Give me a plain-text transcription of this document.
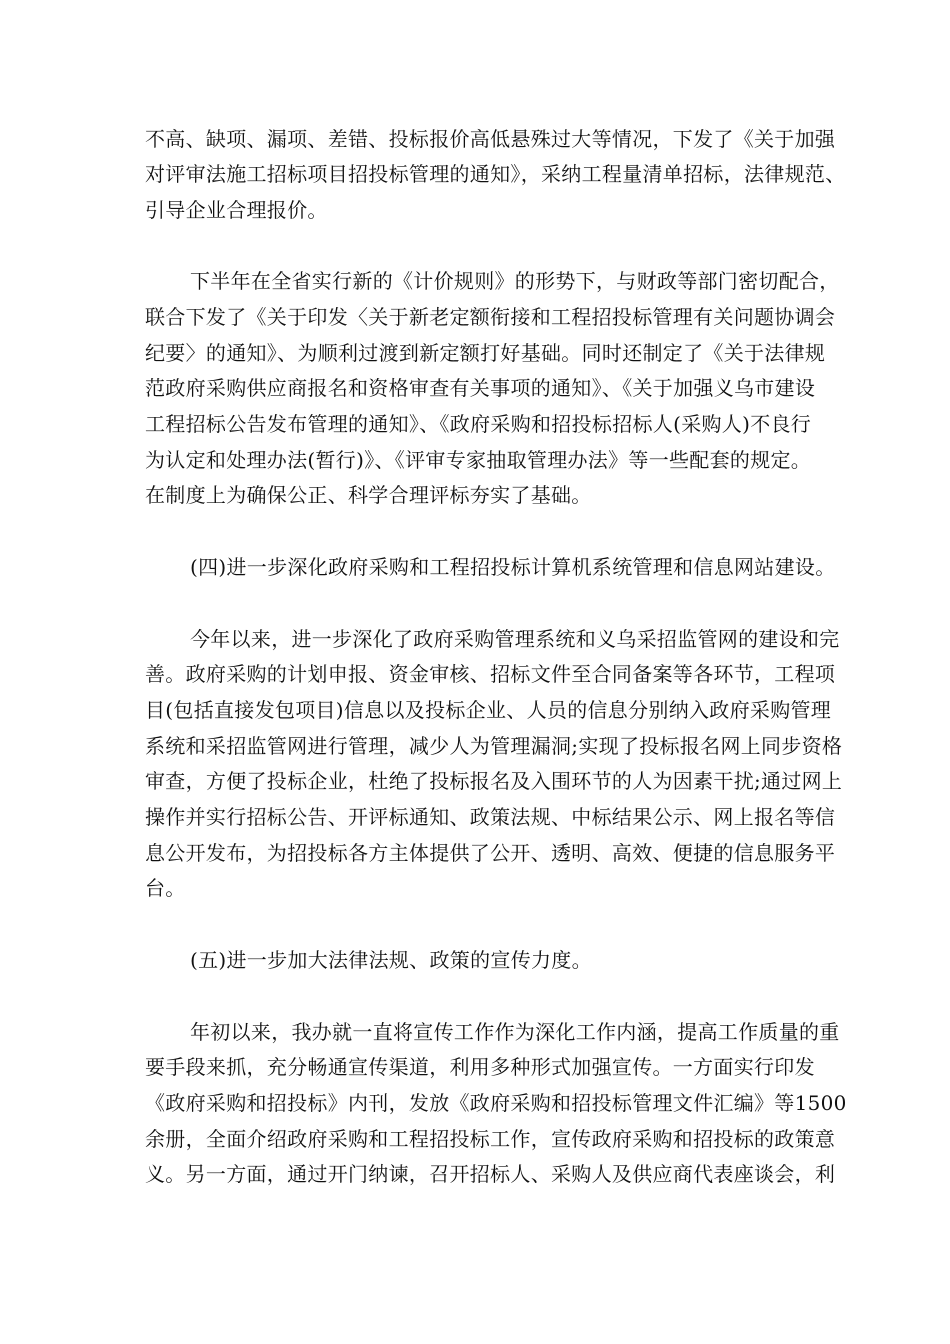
不高、缺项、漏项、差错、投标报价高低悬殊过大等情况，下发了《关于加强
对评审法施工招标项目招投标管理的通知》，采纳工程量清单招标，法律规范、
引导企业合理报价。
下半年在全省实行新的《计价规则》的形势下，与财政等部门密切配合，
联合下发了《关于印发〈关于新老定额衔接和工程招投标管理有关问题协调会
纪要〉的通知》、为顺利过渡到新定额打好基础。同时还制定了《关于法律规
范政府采购供应商报名和资格审查有关事项的通知》、《关于加强义乌市建设
工程招标公告发布管理的通知》、《政府采购和招投标招标人(采购人)不良行
为认定和处理办法(暂行)》、《评审专家抽取管理办法》等一些配套的规定。
在制度上为确保公正、科学合理评标夯实了基础。
(四)进一步深化政府采购和工程招投标计算机系统管理和信息网站建设。
今年以来，进一步深化了政府采购管理系统和义乌采招监管网的建设和完
善。政府采购的计划申报、资金审核、招标文件至合同备案等各环节，工程项
目(包括直接发包项目)信息以及投标企业、人员的信息分别纳入政府采购管理
系统和采招监管网进行管理，减少人为管理漏洞;实现了投标报名网上同步资格
审查，方便了投标企业，杜绝了投标报名及入围环节的人为因素干扰;通过网上
操作并实行招标公告、开评标通知、政策法规、中标结果公示、网上报名等信
息公开发布，为招投标各方主体提供了公开、透明、高效、便捷的信息服务平
台。
(五)进一步加大法律法规、政策的宣传力度。
年初以来，我办就一直将宣传工作作为深化工作内涵，提高工作质量的重
要手段来抓，充分畅通宣传渠道，利用多种形式加强宣传。一方面实行印发
《政府采购和招投标》内刊，发放《政府采购和招投标管理文件汇编》等1500
余册，全面介绍政府采购和工程招投标工作，宣传政府采购和招投标的政策意
义。另一方面，通过开门纳谏，召开招标人、采购人及供应商代表座谈会，利
